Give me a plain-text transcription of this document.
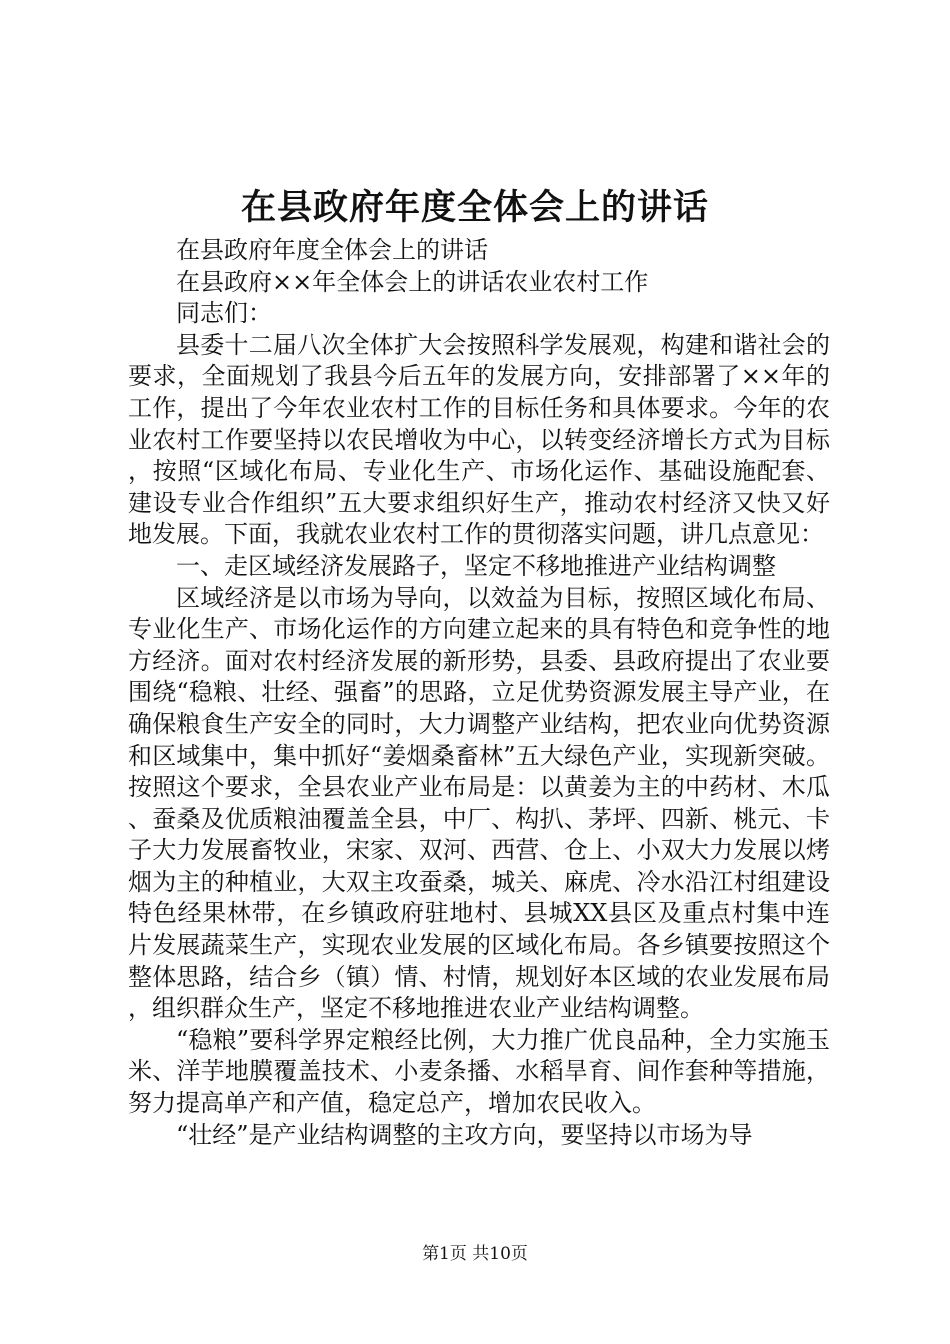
在县政府年度全体会上的讲话

在县政府年度全体会上的讲话

在县政府××年全体会上的讲话农业农村工作

同志们：

县委十二届八次全体扩大会按照科学发展观，构建和谐社会的要求，全面规划了我县今后五年的发展方向，安排部署了××年的工作，提出了今年农业农村工作的目标任务和具体要求。今年的农业农村工作要坚持以农民增收为中心，以转变经济增长方式为目标，按照“区域化布局、专业化生产、市场化运作、基础设施配套、建设专业合作组织”五大要求组织好生产，推动农村经济又快又好地发展。下面，我就农业农村工作的贯彻落实问题，讲几点意见：

一、走区域经济发展路子，坚定不移地推进产业结构调整

区域经济是以市场为导向，以效益为目标，按照区域化布局、专业化生产、市场化运作的方向建立起来的具有特色和竞争性的地方经济。面对农村经济发展的新形势，县委、县政府提出了农业要围绕“稳粮、壮经、强畜”的思路，立足优势资源发展主导产业，在确保粮食生产安全的同时，大力调整产业结构，把农业向优势资源和区域集中，集中抓好“姜烟桑畜林”五大绿色产业，实现新突破。按照这个要求，全县农业产业布局是：以黄姜为主的中药材、木瓜、蚕桑及优质粮油覆盖全县，中厂、构扒、茅坪、四新、桃元、卡子大力发展畜牧业，宋家、双河、西营、仓上、小双大力发展以烤烟为主的种植业，大双主攻蚕桑，城关、麻虎、冷水沿江村组建设特色经果林带，在乡镇政府驻地村、县城XX县区及重点村集中连片发展蔬菜生产，实现农业发展的区域化布局。各乡镇要按照这个整体思路，结合乡（镇）情、村情，规划好本区域的农业发展布局，组织群众生产，坚定不移地推进农业产业结构调整。

“稳粮”要科学界定粮经比例，大力推广优良品种，全力实施玉米、洋芋地膜覆盖技术、小麦条播、水稻旱育、间作套种等措施，努力提高单产和产值，稳定总产，增加农民收入。

“壮经”是产业结构调整的主攻方向，要坚持以市场为导

第1页 共10页
